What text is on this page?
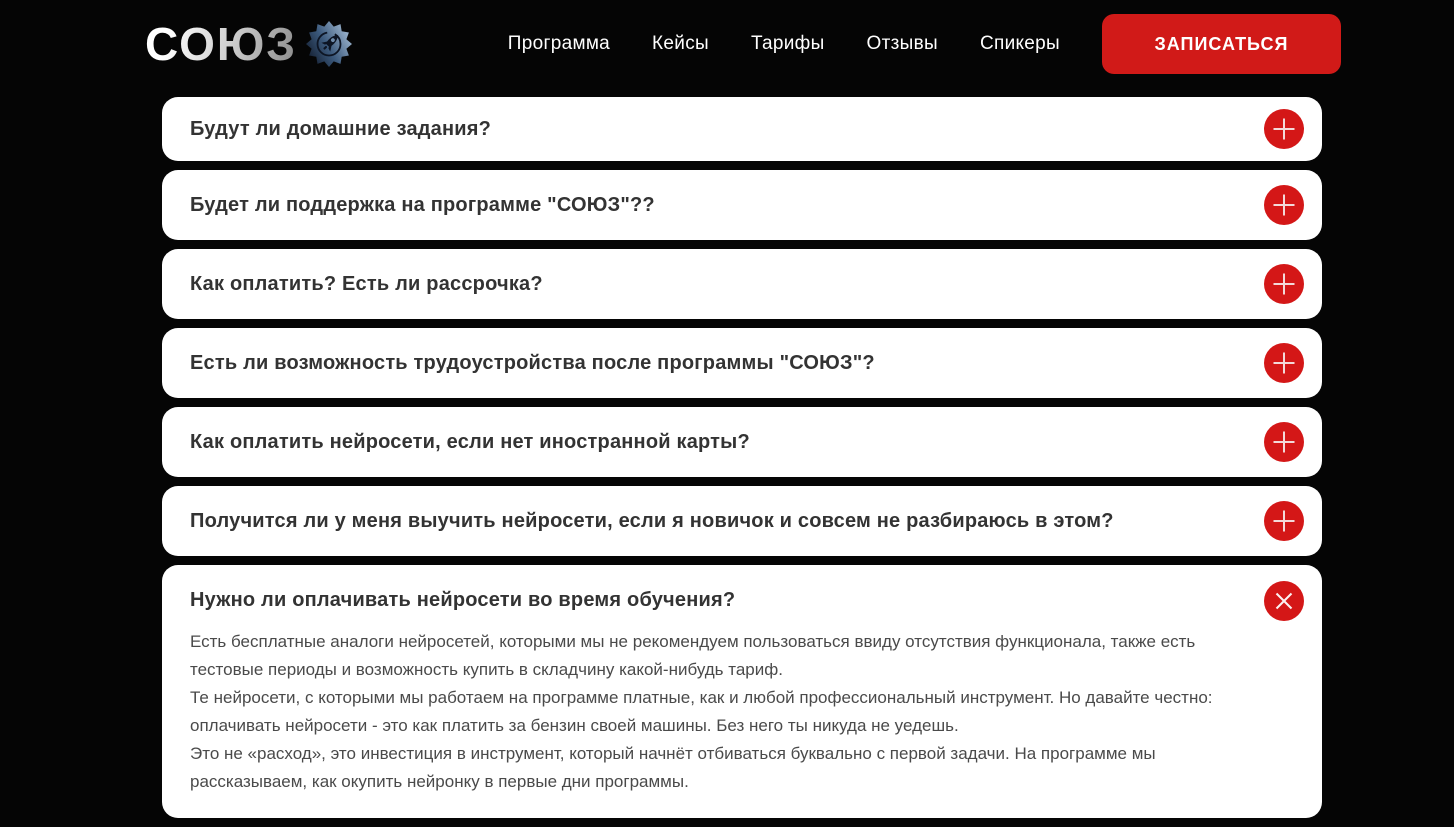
СОЮЗ	Программа Кейсы Тарифы Отзывы Спикеры	ЗАПИСАТЬСЯ
Будут ли домашние задания?
Будет ли поддержка на программе "СОЮЗ"??
Как оплатить? Есть ли рассрочка?
Есть ли возможность трудоустройства после программы "СОЮЗ"?
Как оплатить нейросети, если нет иностранной карты?
Получится ли у меня выучить нейросети, если я новичок и совсем не разбираюсь в этом?
Нужно ли оплачивать нейросети во время обучения?

Есть бесплатные аналоги нейросетей, которыми мы не рекомендуем пользоваться ввиду отсутствия функционала, также есть тестовые периоды и возможность купить в складчину какой-нибудь тариф.

Те нейросети, с которыми мы работаем на программе платные, как и любой профессиональный инструмент. Но давайте честно: оплачивать нейросети - это как платить за бензин своей машины. Без него ты никуда не уедешь.

Это не «расход», это инвестиция в инструмент, который начнёт отбиваться буквально с первой задачи. На программе мы рассказываем, как окупить нейронку в первые дни программы.
